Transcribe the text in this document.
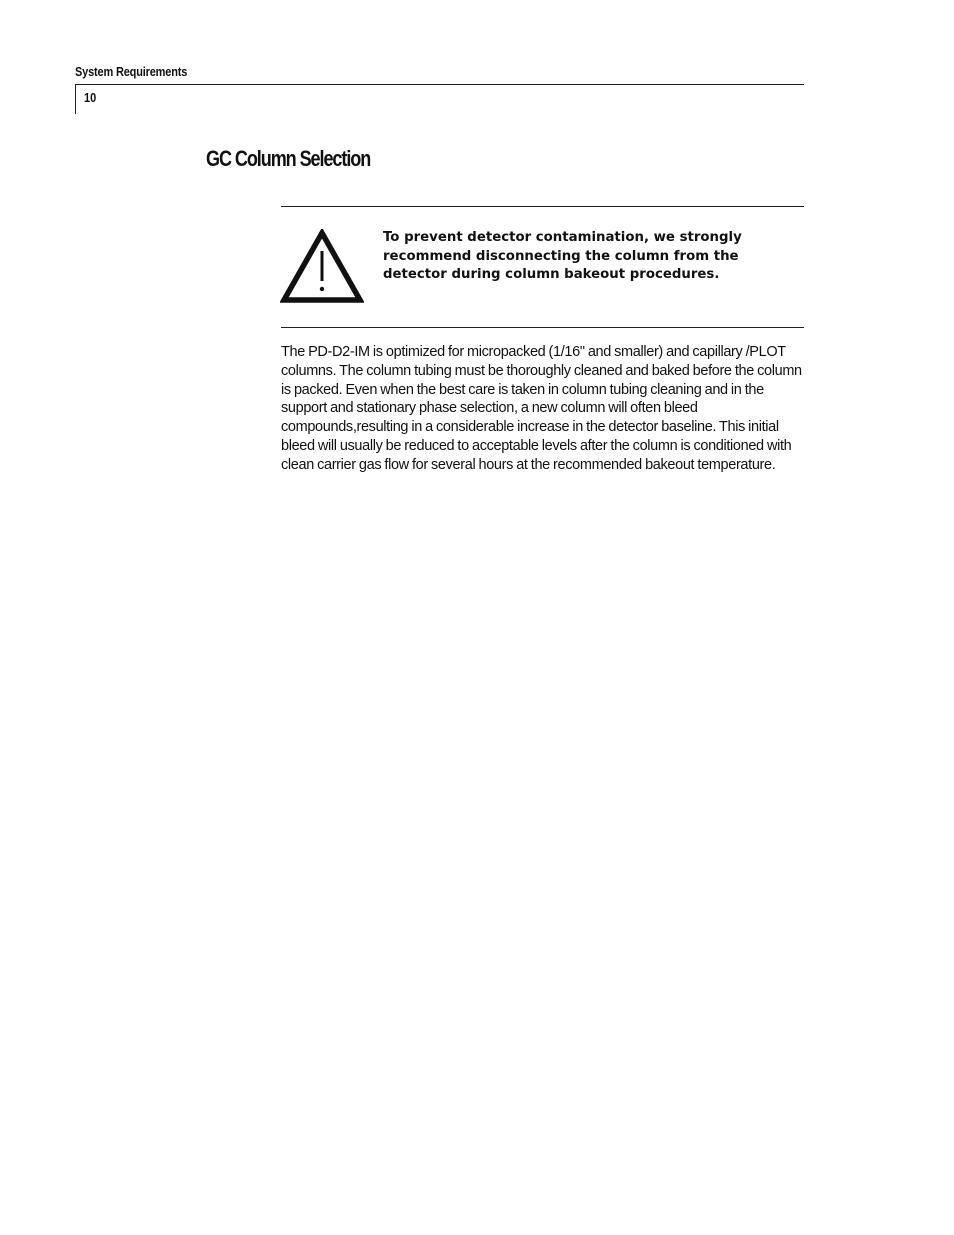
System Requirements
10
GC Column Selection

To prevent detector contamination, we strongly recommend disconnecting the column from the detector during column bakeout procedures.

The PD-D2-IM is optimized for micropacked (1/16" and smaller) and capillary /PLOT columns. The column tubing must be thoroughly cleaned and baked before the column is packed. Even when the best care is taken in column tubing cleaning and in the support and stationary phase selection, a new column will often bleed compounds,resulting in a considerable increase in the detector baseline. This initial bleed will usually be reduced to acceptable levels after the column is conditioned with clean carrier gas flow for several hours at the recommended bakeout temperature.
